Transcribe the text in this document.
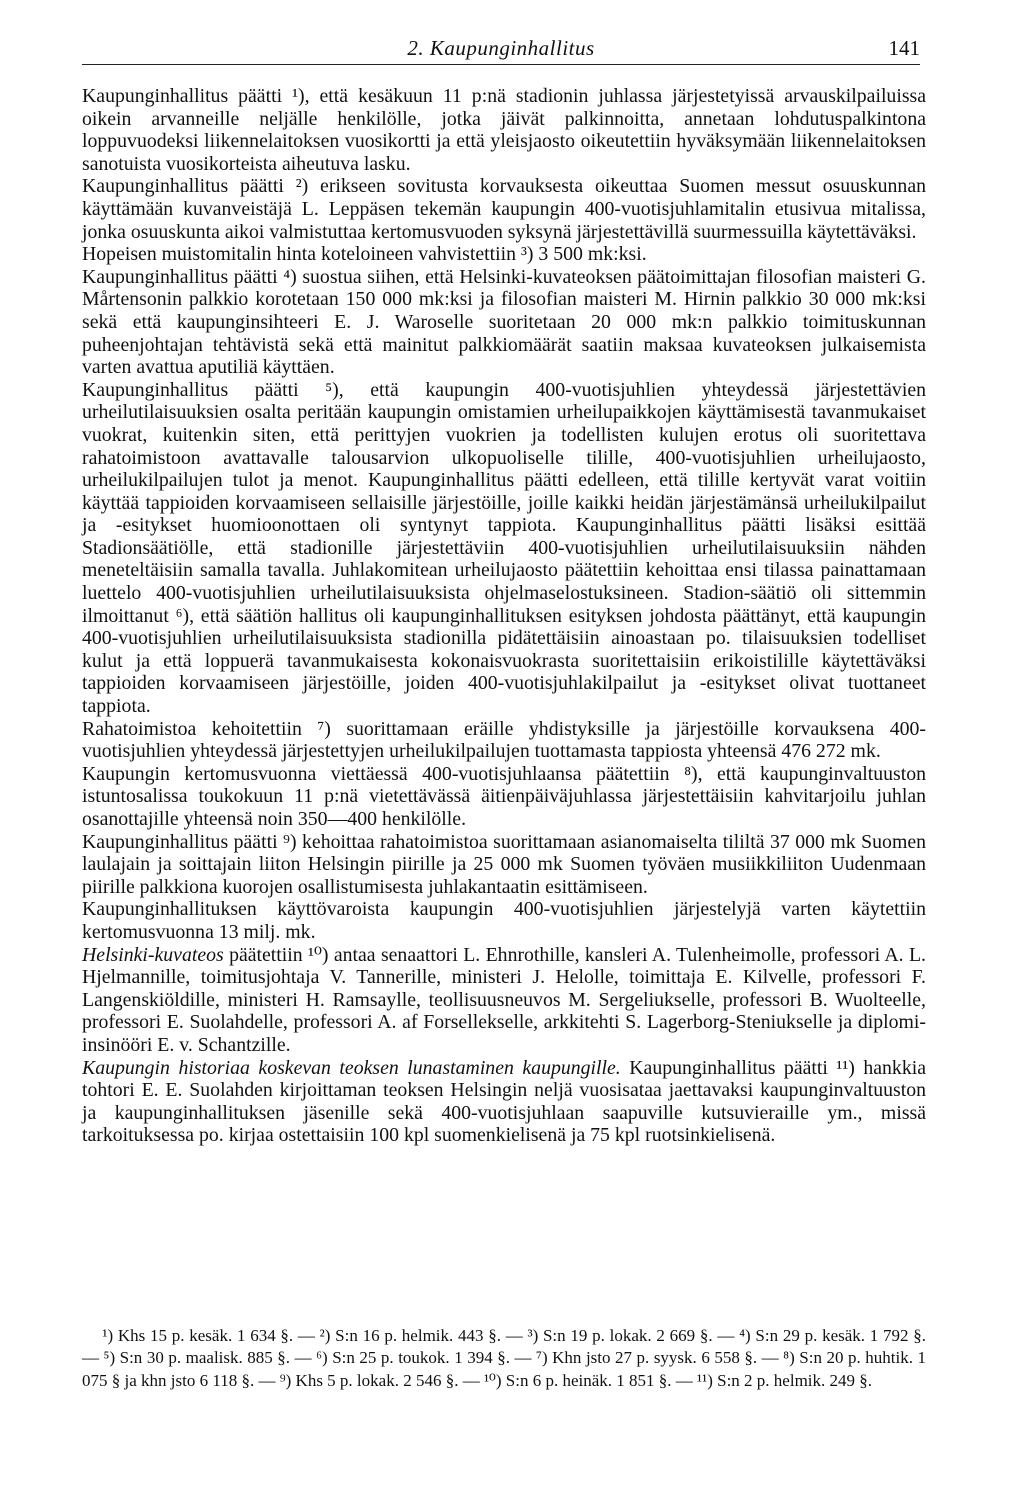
2. Kaupunginhallitus	141

Kaupunginhallitus päätti ¹), että kesäkuun 11 p:nä stadionin juhlassa järjestetyissä arvauskilpailuissa oikein arvanneille neljälle henkilölle, jotka jäivät palkinnoitta, annetaan lohdutuspalkintona loppuvuodeksi liikennelaitoksen vuosikortti ja että yleisjaosto oikeutettiin hyväksymään liikennelaitoksen sanotuista vuosikorteista aiheutuva lasku.

Kaupunginhallitus päätti ²) erikseen sovitusta korvauksesta oikeuttaa Suomen messut osuuskunnan käyttämään kuvanveistäjä L. Leppäsen tekemän kaupungin 400-vuotisjuhlamitalin etusivua mitalissa, jonka osuuskunta aikoi valmistuttaa kertomusvuoden syksynä järjestettävillä suurmessuilla käytettäväksi.

Hopeisen muistomitalin hinta koteloineen vahvistettiin ³) 3 500 mk:ksi.

Kaupunginhallitus päätti ⁴) suostua siihen, että Helsinki-kuvateoksen päätoimittajan filosofian maisteri G. Mårtensonin palkkio korotetaan 150 000 mk:ksi ja filosofian maisteri M. Hirnin palkkio 30 000 mk:ksi sekä että kaupunginsihteeri E. J. Waroselle suoritetaan 20 000 mk:n palkkio toimituskunnan puheenjohtajan tehtävistä sekä että mainitut palkkiomäärät saatiin maksaa kuvateoksen julkaisemista varten avattua aputiliä käyttäen.

Kaupunginhallitus päätti ⁵), että kaupungin 400-vuotisjuhlien yhteydessä järjestettävien urheilutilaisuuksien osalta peritään kaupungin omistamien urheilupaikkojen käyttämisestä tavanmukaiset vuokrat, kuitenkin siten, että perittyjen vuokrien ja todellisten kulujen erotus oli suoritettava rahatoimistoon avattavalle talousarvion ulkopuoliselle tilille, 400-vuotisjuhlien urheilujaosto, urheilukilpailujen tulot ja menot. Kaupunginhallitus päätti edelleen, että tilille kertyvät varat voitiin käyttää tappioiden korvaamiseen sellaisille järjestöille, joille kaikki heidän järjestämänsä urheilukilpailut ja -esitykset huomioonottaen oli syntynyt tappiota. Kaupunginhallitus päätti lisäksi esittää Stadionsäätiölle, että stadionille järjestettäviin 400-vuotisjuhlien urheilutilaisuuksiin nähden meneteltäisiin samalla tavalla. Juhlakomitean urheilujaosto päätettiin kehoittaa ensi tilassa painattamaan luettelo 400-vuotisjuhlien urheilutilaisuuksista ohjelmaselostuksineen. Stadion-säätiö oli sittemmin ilmoittanut ⁶), että säätiön hallitus oli kaupunginhallituksen esityksen johdosta päättänyt, että kaupungin 400-vuotisjuhlien urheilutilaisuuksista stadionilla pidätettäisiin ainoastaan po. tilaisuuksien todelliset kulut ja että loppuerä tavanmukaisesta kokonaisvuokrasta suoritettaisiin erikoistilille käytettäväksi tappioiden korvaamiseen järjestöille, joiden 400-vuotisjuhlakilpailut ja -esitykset olivat tuottaneet tappiota.

Rahatoimistoa kehoitettiin ⁷) suorittamaan eräille yhdistyksille ja järjestöille korvauksena 400-vuotisjuhlien yhteydessä järjestettyjen urheilukilpailujen tuottamasta tappiosta yhteensä 476 272 mk.

Kaupungin kertomusvuonna viettäessä 400-vuotisjuhlaansa päätettiin ⁸), että kaupunginvaltuuston istuntosalissa toukokuun 11 p:nä vietettävässä äitienpäiväjuhlassa järjestettäisiin kahvitarjoilu juhlan osanottajille yhteensä noin 350—400 henkilölle.

Kaupunginhallitus päätti ⁹) kehoittaa rahatoimistoa suorittamaan asianomaiselta tililtä 37 000 mk Suomen laulajain ja soittajain liiton Helsingin piirille ja 25 000 mk Suomen työväen musiikkiliiton Uudenmaan piirille palkkiona kuorojen osallistumisesta juhlakantaatin esittämiseen.

Kaupunginhallituksen käyttövaroista kaupungin 400-vuotisjuhlien järjestelyjä varten käytettiin kertomusvuonna 13 milj. mk.

Helsinki-kuvateos päätettiin ¹⁰) antaa senaattori L. Ehnrothille, kansleri A. Tulenheimolle, professori A. L. Hjelmannille, toimitusjohtaja V. Tannerille, ministeri J. Helolle, toimittaja E. Kilvelle, professori F. Langenskiöldille, ministeri H. Ramsaylle, teollisuusneuvos M. Sergeliukselle, professori B. Wuolteelle, professori E. Suolahdelle, professori A. af Forsellekselle, arkkitehti S. Lagerborg-Steniukselle ja diplomi-insinööri E. v. Schantzille.

Kaupungin historiaa koskevan teoksen lunastaminen kaupungille. Kaupunginhallitus päätti ¹¹) hankkia tohtori E. E. Suolahden kirjoittaman teoksen Helsingin neljä vuosisataa jaettavaksi kaupunginvaltuuston ja kaupunginhallituksen jäsenille sekä 400-vuotisjuhlaan saapuville kutsuvieraille ym., missä tarkoituksessa po. kirjaa ostettaisiin 100 kpl suomenkielisenä ja 75 kpl ruotsinkielisenä.

¹) Khs 15 p. kesäk. 1 634 §. — ²) S:n 16 p. helmik. 443 §. — ³) S:n 19 p. lokak. 2 669 §. — ⁴) S:n 29 p. kesäk. 1 792 §. — ⁵) S:n 30 p. maalisk. 885 §. — ⁶) S:n 25 p. toukok. 1 394 §. — ⁷) Khn jsto 27 p. syysk. 6 558 §. — ⁸) S:n 20 p. huhtik. 1 075 § ja khn jsto 6 118 §. — ⁹) Khs 5 p. lokak. 2 546 §. — ¹⁰) S:n 6 p. heinäk. 1 851 §. — ¹¹) S:n 2 p. helmik. 249 §.
